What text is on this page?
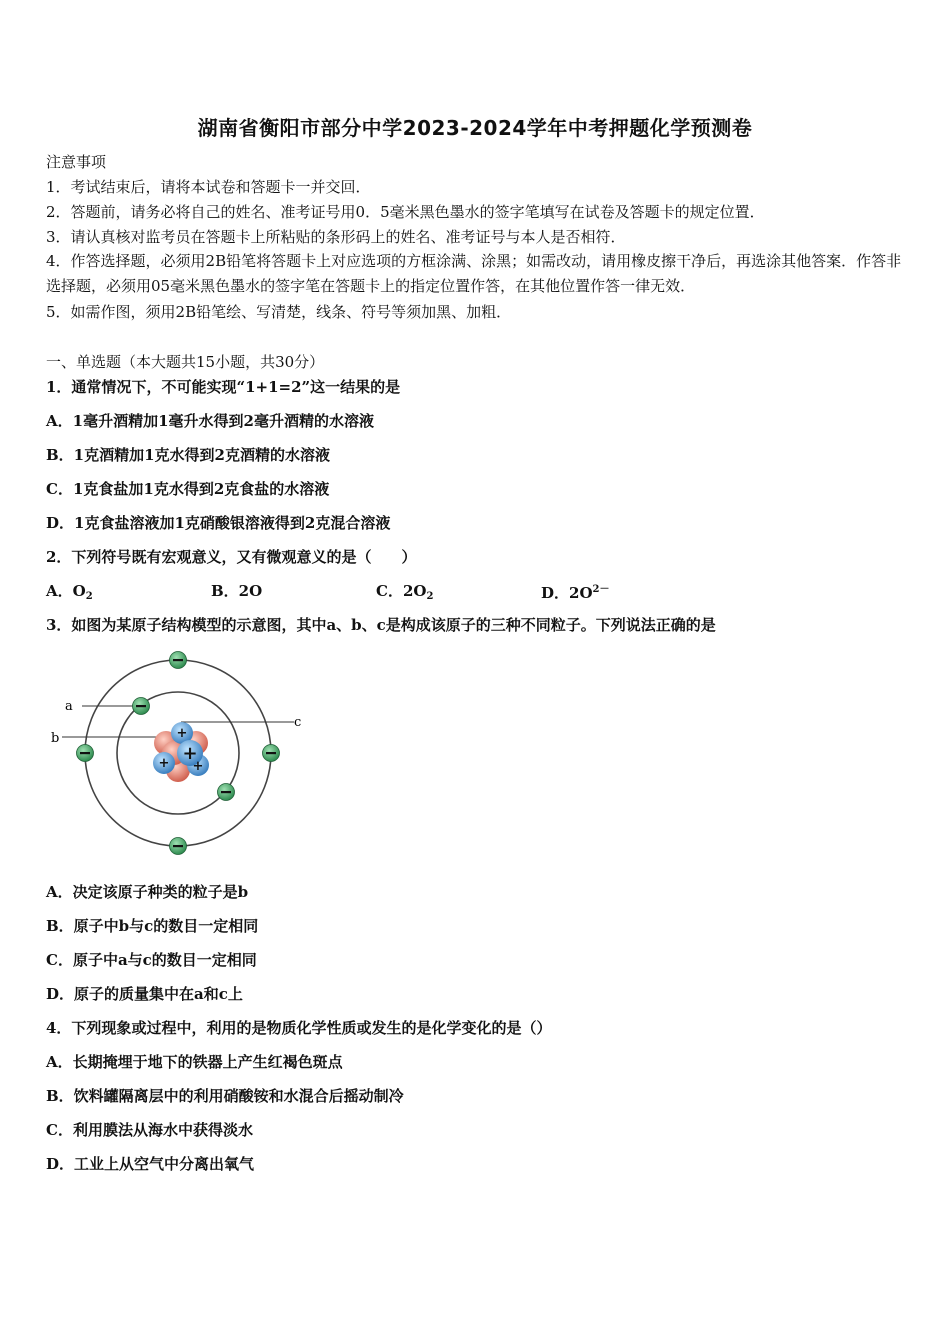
湖南省衡阳市部分中学2023-2024学年中考押题化学预测卷
注意事项
1．考试结束后，请将本试卷和答题卡一并交回．
2．答题前，请务必将自己的姓名、准考证号用0．5毫米黑色墨水的签字笔填写在试卷及答题卡的规定位置．
3．请认真核对监考员在答题卡上所粘贴的条形码上的姓名、准考证号与本人是否相符．
4．作答选择题，必须用2B铅笔将答题卡上对应选项的方框涂满、涂黑；如需改动，请用橡皮擦干净后，再选涂其他答案．作答非选择题，必须用05毫米黑色墨水的签字笔在答题卡上的指定位置作答，在其他位置作答一律无效．
5．如需作图，须用2B铅笔绘、写清楚，线条、符号等须加黑、加粗．
一、单选题（本大题共15小题，共30分）
1．通常情况下，不可能实现“1+1=2”这一结果的是
A．1毫升酒精加1毫升水得到2毫升酒精的水溶液
B．1克酒精加1克水得到2克酒精的水溶液
C．1克食盐加1克水得到2克食盐的水溶液
D．1克食盐溶液加1克硝酸银溶液得到2克混合溶液
2．下列符号既有宏观意义，又有微观意义的是（　　）
A．$O_2$	B．2O	C．$2O_2$	D．$2O^{2-}$
3．如图为某原子结构模型的示意图，其中a、b、c是构成该原子的三种不同粒子。下列说法正确的是
a
b
c
+
+
+
+
A．决定该原子种类的粒子是b
B．原子中b与c的数目一定相同
C．原子中a与c的数目一定相同
D．原子的质量集中在a和c上
4．下列现象或过程中，利用的是物质化学性质或发生的是化学变化的是（）
A．长期掩埋于地下的铁器上产生红褐色斑点
B．饮料罐隔离层中的利用硝酸铵和水混合后摇动制冷
C．利用膜法从海水中获得淡水
D．工业上从空气中分离出氧气
